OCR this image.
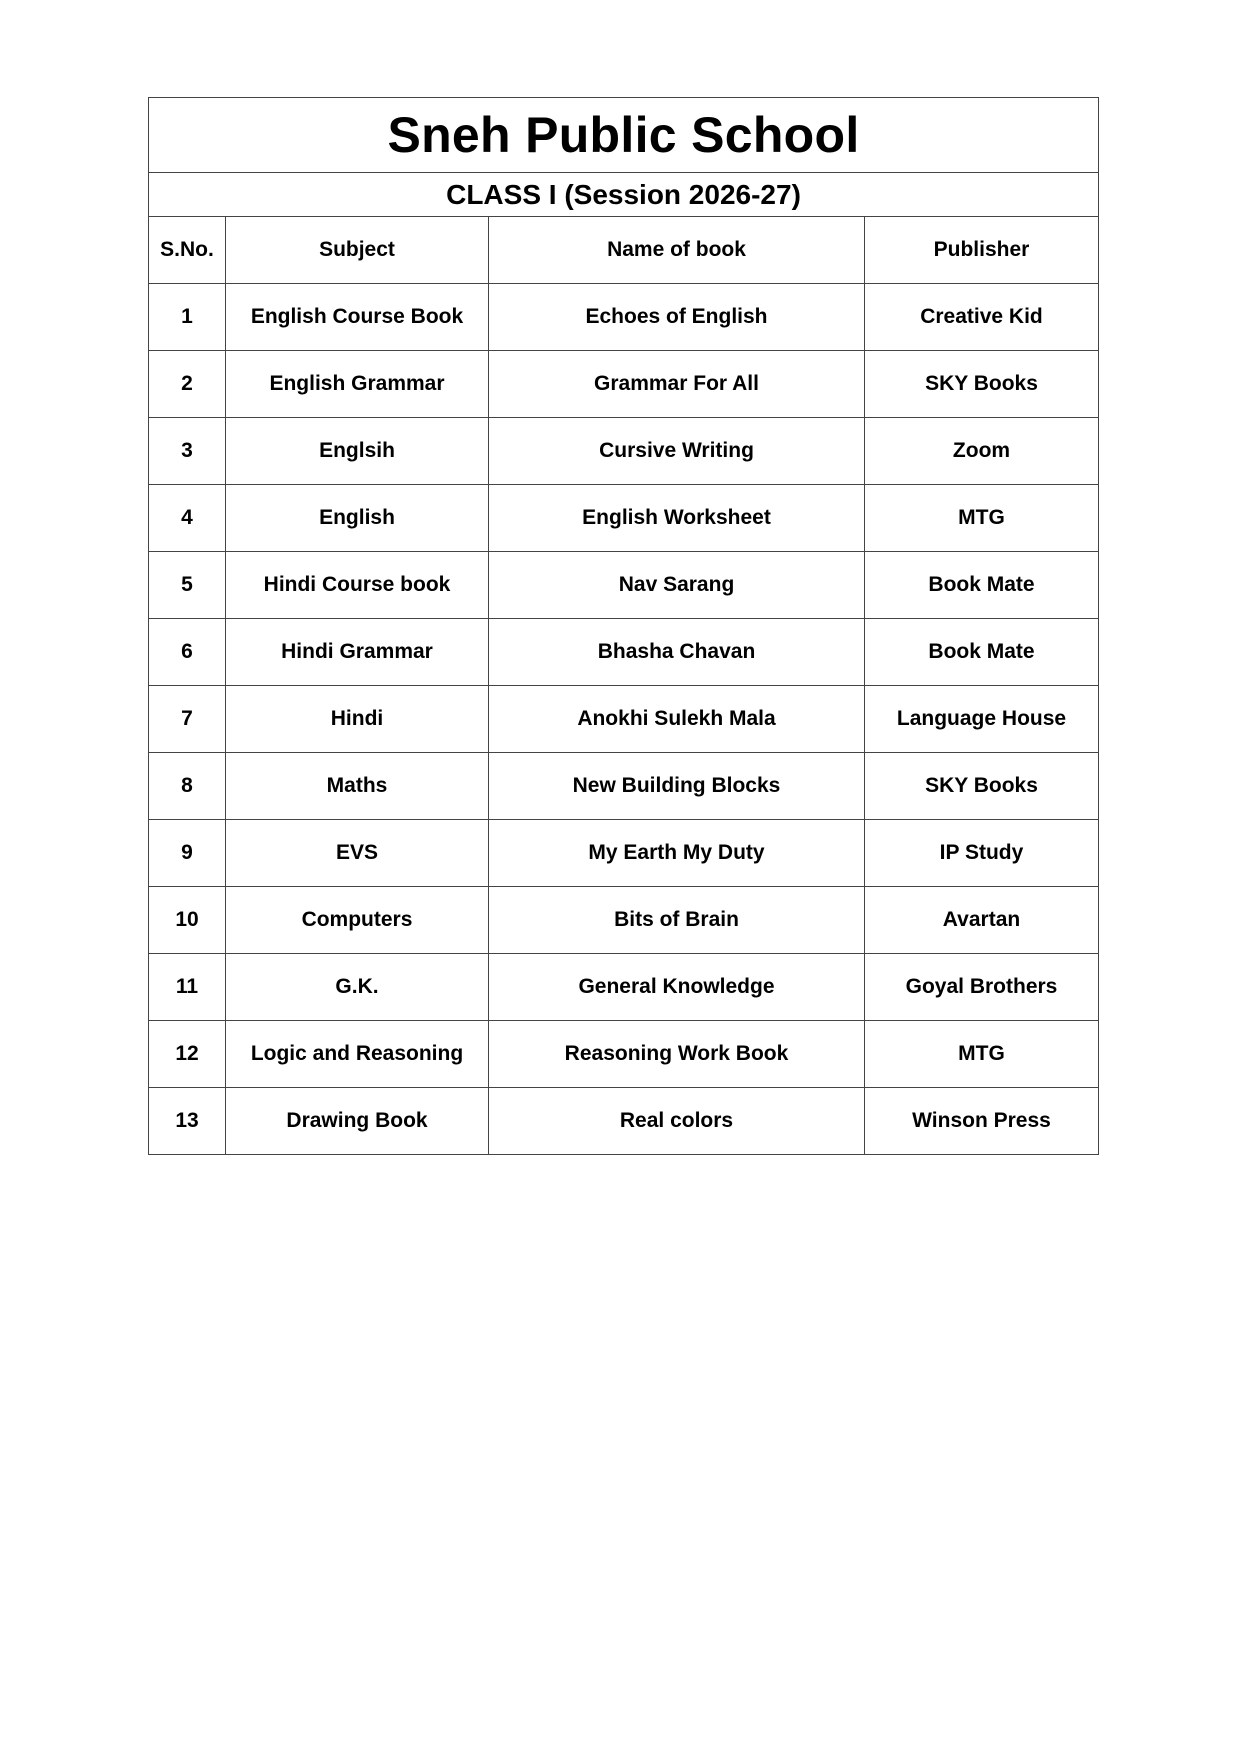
Sneh Public School			
CLASS I (Session 2026-27)			
S.No.	Subject	Name of book	Publisher
1	English Course Book	Echoes of English	Creative Kid
2	English Grammar	Grammar For All	SKY Books
3	Englsih	Cursive Writing	Zoom
4	English	English Worksheet	MTG
5	Hindi Course book	Nav Sarang	Book Mate
6	Hindi Grammar	Bhasha Chavan	Book Mate
7	Hindi	Anokhi Sulekh Mala	Language House
8	Maths	New Building Blocks	SKY Books
9	EVS	My Earth My Duty	IP Study
10	Computers	Bits of Brain	Avartan
11	G.K.	General Knowledge	Goyal Brothers
12	Logic and Reasoning	Reasoning Work Book	MTG
13	Drawing Book	Real colors	Winson Press
